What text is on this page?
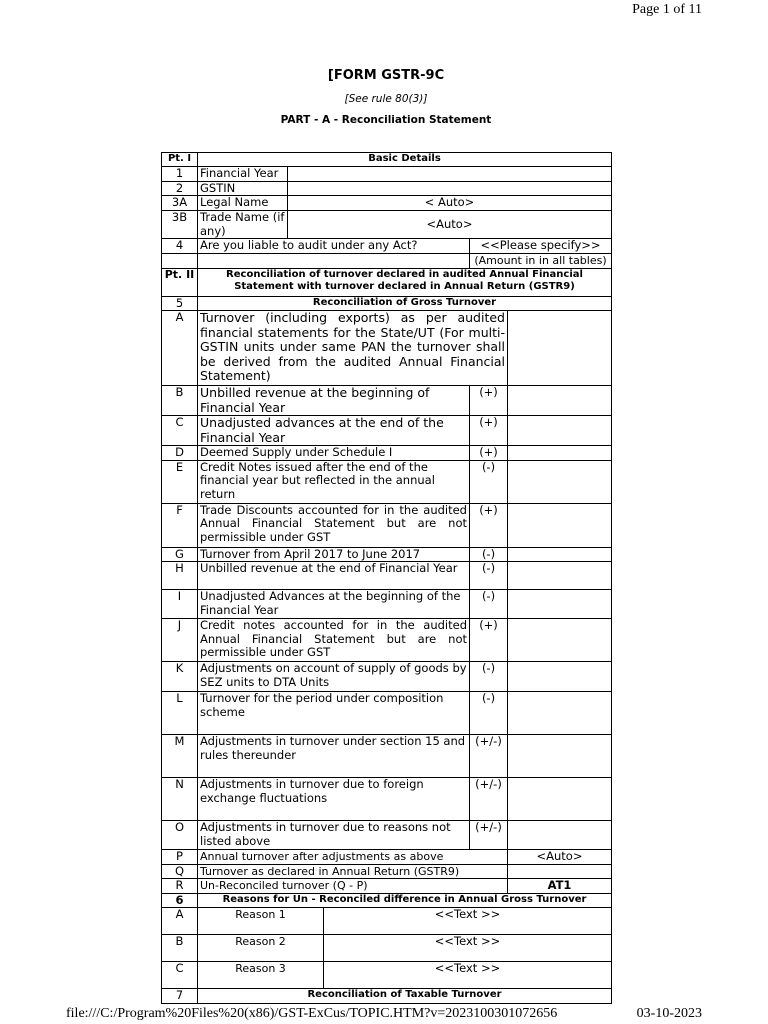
Page 1 of 11
[FORM GSTR-9C
[See rule 80(3)]
PART - A - Reconciliation Statement
Pt. I	Basic Details				
1	Financial Year				
2	GSTIN				
3A	Legal Name	< Auto>			
3B	Trade Name (if any)	<Auto>			
4	Are you liable to audit under any Act?			<<Please specify>>	
				(Amount in in all tables)	
Pt. II	Reconciliation of turnover declared in audited Annual Financial Statement with turnover declared in Annual Return (GSTR9)				
5	Reconciliation of Gross Turnover				
A	Turnover (including exports) as per audited financial statements for the State/UT (For multi-GSTIN units under same PAN the turnover shall be derived from the audited Annual Financial Statement)				
B	Unbilled revenue at the beginning of Financial Year			(+)	
C	Unadjusted advances at the end of the Financial Year			(+)	
D	Deemed Supply under Schedule I			(+)	
E	Credit Notes issued after the end of the financial year but reflected in the annual return			(-)	
F	Trade Discounts accounted for in the audited Annual Financial Statement but are not permissible under GST			(+)	
G	Turnover from April 2017 to June 2017			(-)	
H	Unbilled revenue at the end of Financial Year			(-)	
I	Unadjusted Advances at the beginning of the Financial Year			(-)	
J	Credit notes accounted for in the audited Annual Financial Statement but are not permissible under GST			(+)	
K	Adjustments on account of supply of goods by SEZ units to DTA Units			(-)	
L	Turnover for the period under composition scheme			(-)	
M	Adjustments in turnover under section 15 and rules thereunder			(+/-)	
N	Adjustments in turnover due to foreign exchange fluctuations			(+/-)	
O	Adjustments in turnover due to reasons not listed above			(+/-)	
P	Annual turnover after adjustments as above				<Auto>
Q	Turnover as declared in Annual Return (GSTR9)				
R	Un-Reconciled turnover (Q - P)				AT1
6	Reasons for Un - Reconciled difference in Annual Gross Turnover				
A	Reason 1		<<Text >>		
B	Reason 2		<<Text >>		
C	Reason 3		<<Text >>		
7	Reconciliation of Taxable Turnover				
file:///C:/Program%20Files%20(x86)/GST-ExCus/TOPIC.HTM?v=2023100301072656	03-10-2023
